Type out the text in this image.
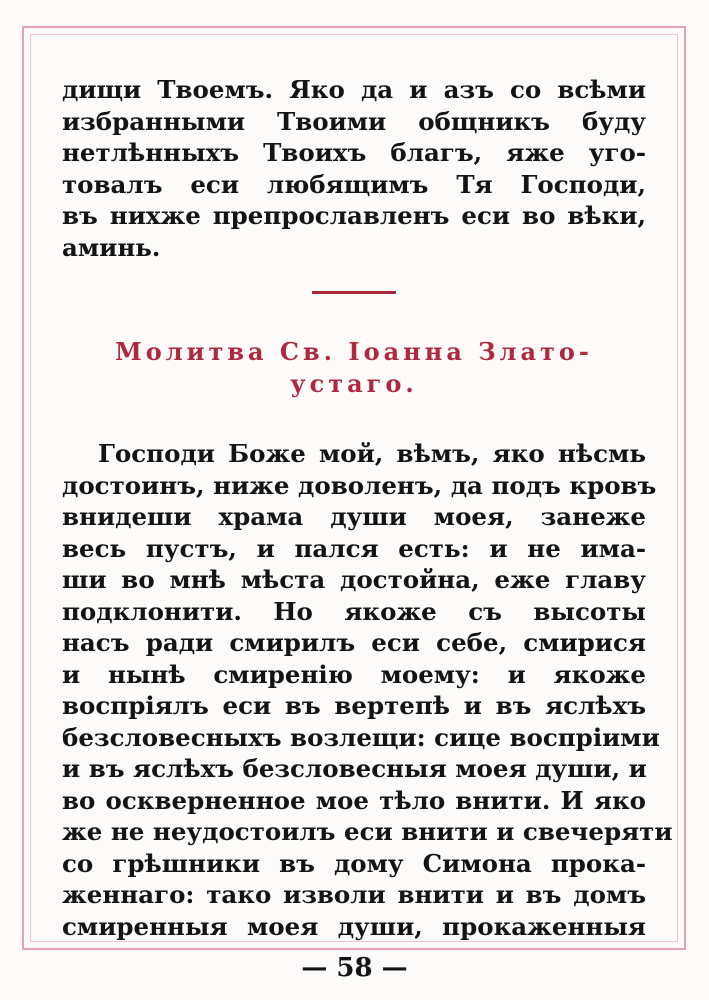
дищи Твоемъ. Яко да и азъ со всѣми
избранными Твоими общникъ буду
нетлѣнныхъ Твоихъ благъ, яже уго-
товалъ еси любящимъ Тя Господи,
въ нихже препрославленъ еси во вѣки,
аминь.
Молитва Св. Іоанна Злато-
устаго.
Господи Боже мой, вѣмъ, яко нѣсмь
достоинъ, ниже доволенъ, да подъ кровъ
внидеши храма души моея, занеже
весь пустъ, и пался есть: и не има-
ши во мнѣ мѣста достойна, еже главу
подклонити. Но якоже съ высоты
насъ ради смирилъ еси себе, смирися
и нынѣ смиренію моему: и якоже
воспріялъ еси въ вертепѣ и въ яслѣхъ
безсловесныхъ возлещи: сице воспріими
и въ яслѣхъ безсловесныя моея души, и
во оскверненное мое тѣло внити. И яко
же не неудостоилъ еси внити и свечеряти
со грѣшники въ дому Симона прока-
женнаго: тако изволи внити и въ домъ
смиренныя моея души, прокаженныя
— 58 —
